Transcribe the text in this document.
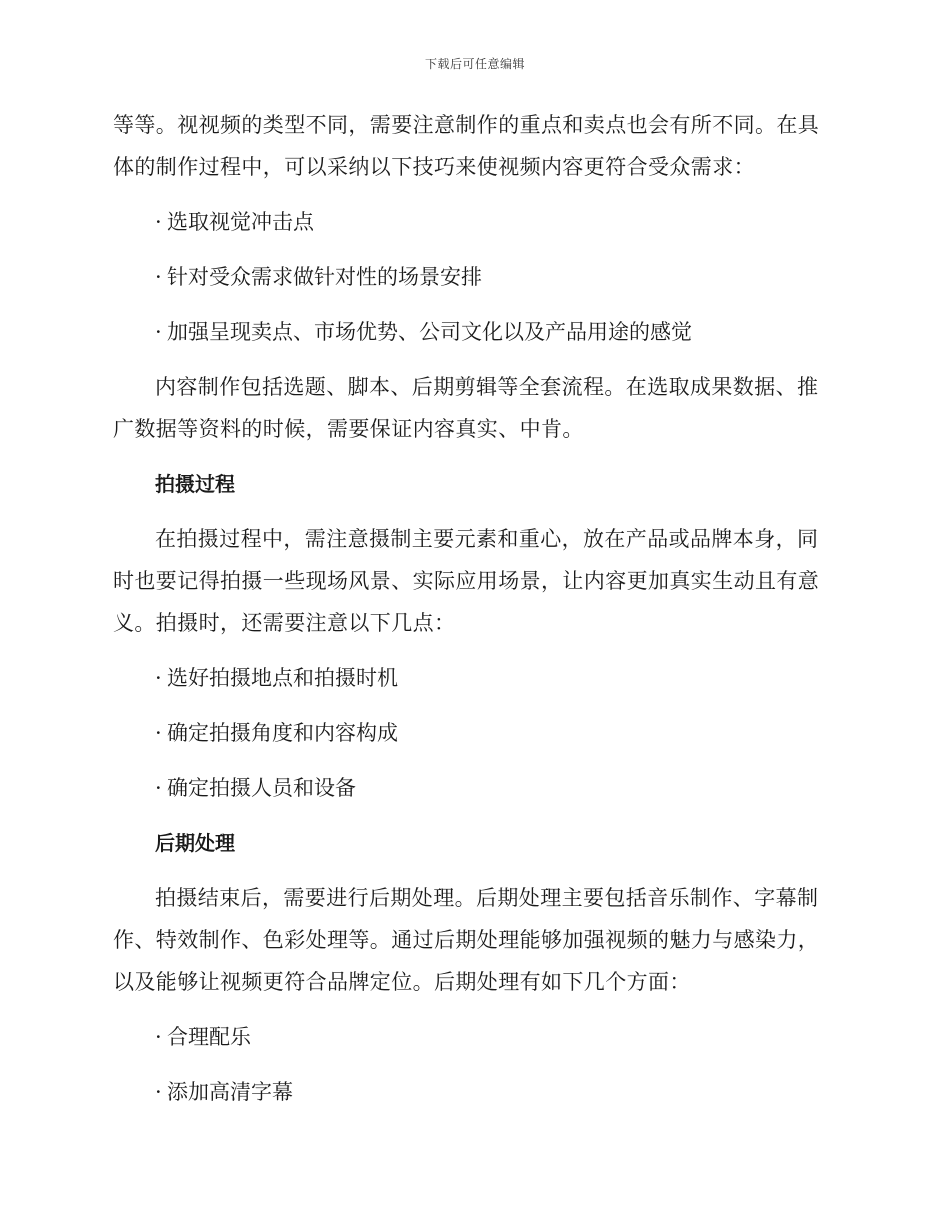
下载后可任意编辑

等等。视视频的类型不同，需要注意制作的重点和卖点也会有所不同。在具体的制作过程中，可以采纳以下技巧来使视频内容更符合受众需求：

· 选取视觉冲击点
· 针对受众需求做针对性的场景安排
· 加强呈现卖点、市场优势、公司文化以及产品用途的感觉

内容制作包括选题、脚本、后期剪辑等全套流程。在选取成果数据、推广数据等资料的时候，需要保证内容真实、中肯。

拍摄过程

在拍摄过程中，需注意摄制主要元素和重心，放在产品或品牌本身，同时也要记得拍摄一些现场风景、实际应用场景，让内容更加真实生动且有意义。拍摄时，还需要注意以下几点：

· 选好拍摄地点和拍摄时机
· 确定拍摄角度和内容构成
· 确定拍摄人员和设备
后期处理

拍摄结束后，需要进行后期处理。后期处理主要包括音乐制作、字幕制作、特效制作、色彩处理等。通过后期处理能够加强视频的魅力与感染力，以及能够让视频更符合品牌定位。后期处理有如下几个方面：

· 合理配乐
· 添加高清字幕
